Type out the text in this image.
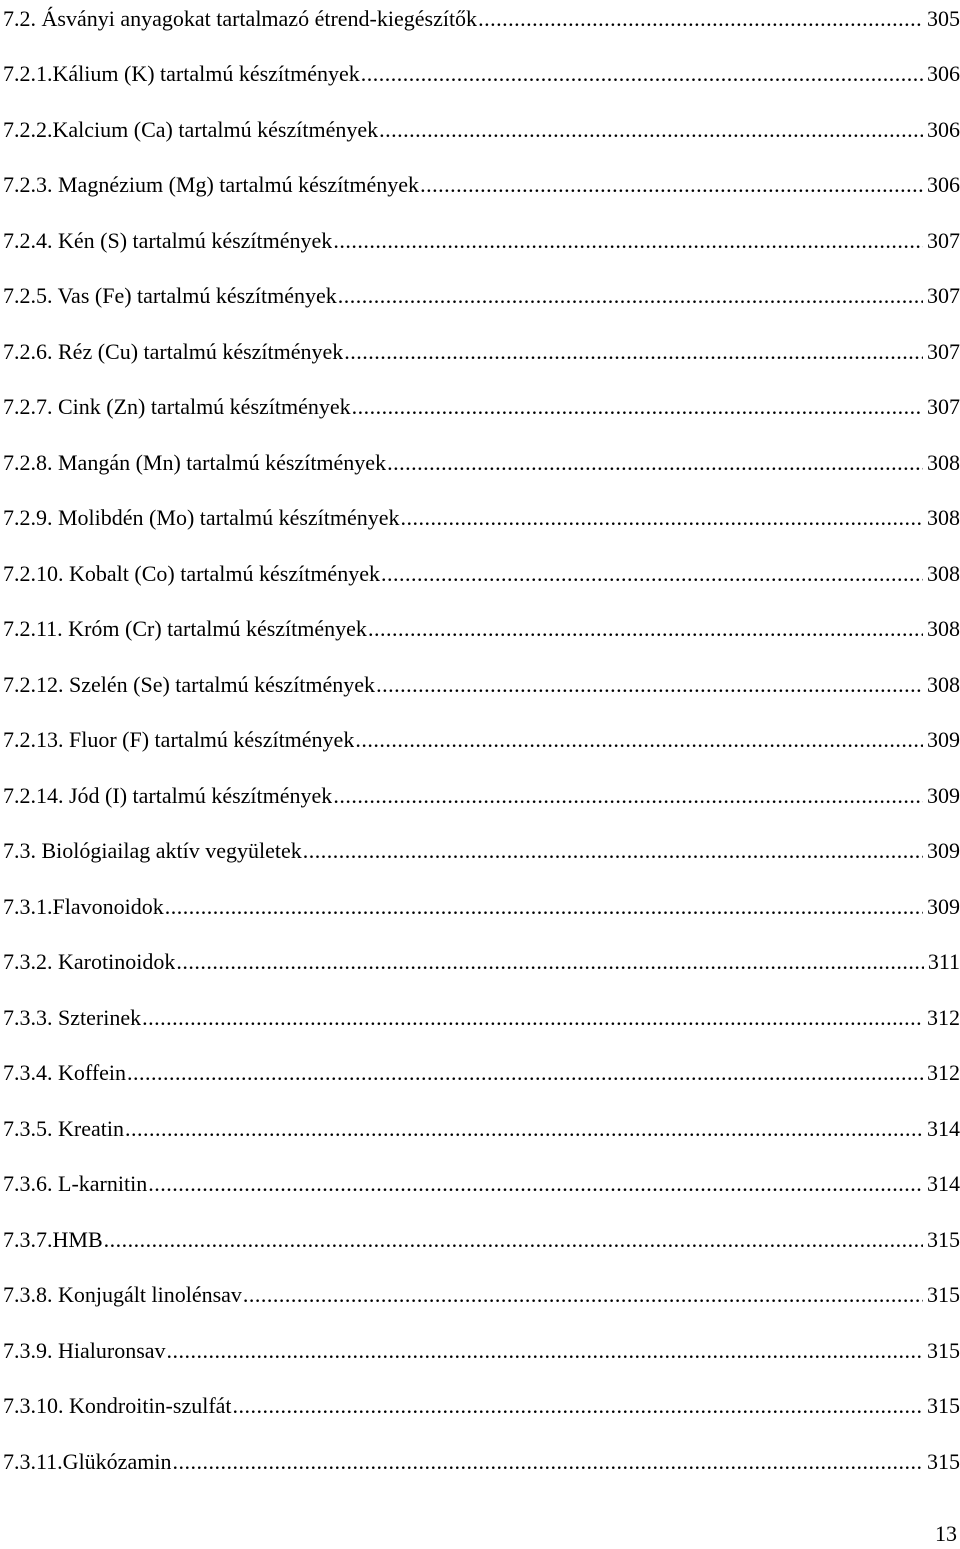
7.2. Ásványi anyagokat tartalmazó étrend-kiegészítők .....	305
7.2.1.Kálium (K) tartalmú készítmények .....	306
7.2.2.Kalcium (Ca) tartalmú készítmények .....	306
7.2.3. Magnézium (Mg) tartalmú készítmények .....	306
7.2.4. Kén (S) tartalmú készítmények .....	307
7.2.5. Vas (Fe) tartalmú készítmények .....	307
7.2.6. Réz (Cu) tartalmú készítmények .....	307
7.2.7. Cink (Zn) tartalmú készítmények .....	307
7.2.8. Mangán (Mn) tartalmú készítmények .....	308
7.2.9. Molibdén (Mo) tartalmú készítmények .....	308
7.2.10. Kobalt (Co) tartalmú készítmények .....	308
7.2.11. Króm (Cr) tartalmú készítmények .....	308
7.2.12. Szelén (Se) tartalmú készítmények .....	308
7.2.13. Fluor (F) tartalmú készítmények .....	309
7.2.14. Jód (I) tartalmú készítmények .....	309
7.3. Biológiailag aktív vegyületek .....	309
7.3.1.Flavonoidok .....	309
7.3.2. Karotinoidok .....	311
7.3.3. Szterinek .....	312
7.3.4. Koffein .....	312
7.3.5. Kreatin .....	314
7.3.6. L-karnitin .....	314
7.3.7.HMB .....	315
7.3.8. Konjugált linolénsav .....	315
7.3.9. Hialuronsav .....	315
7.3.10. Kondroitin-szulfát .....	315
7.3.11.Glükózamin .....	315
13
